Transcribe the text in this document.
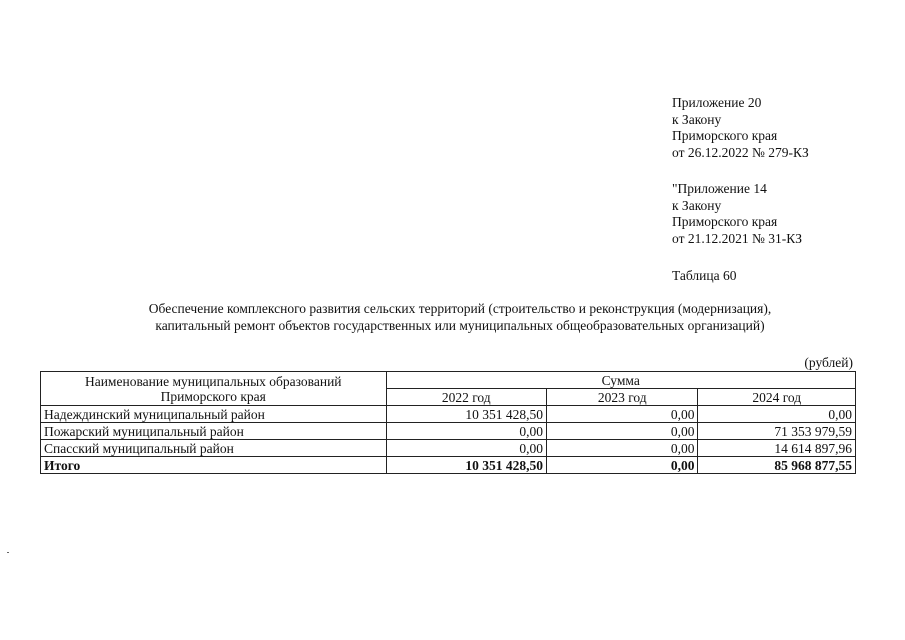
Приложение 20
к Закону
Приморского края
от 26.12.2022 № 279-КЗ
"Приложение 14
к Закону
Приморского края
от 21.12.2021 № 31-КЗ
Таблица 60
Обеспечение комплексного развития сельских территорий (строительство и реконструкция (модернизация),
капитальный ремонт объектов государственных или муниципальных общеобразовательных организаций)
(рублей)
Наименование муниципальных образований
Приморского края	Сумма		
	2022 год	2023 год	2024 год
Надеждинский муниципальный район	10 351 428,50	0,00	0,00
Пожарский муниципальный район	0,00	0,00	71 353 979,59
Спасский муниципальный район	0,00	0,00	14 614 897,96
Итого	10 351 428,50	0,00	85 968 877,55
